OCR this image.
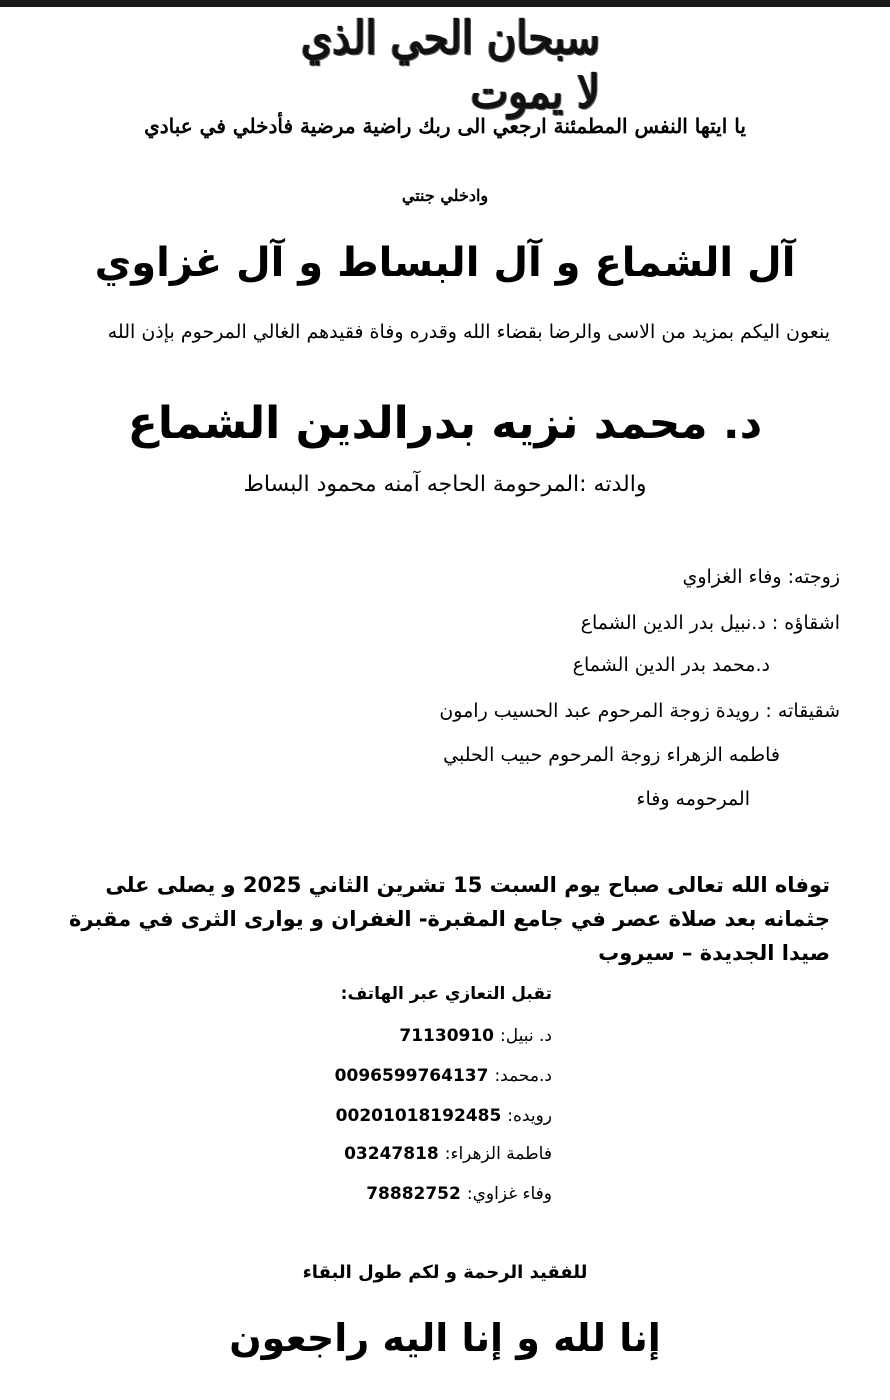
سبحان الحي الذي لا يموت
يا ايتها النفس المطمئنة ارجعي الى ربك راضية مرضية فأدخلي في عبادي
وادخلي جنتي
آل الشماع و آل البساط و آل غزاوي
ينعون اليكم بمزيد من الاسى والرضا بقضاء الله وقدره وفاة فقيدهم الغالي المرحوم بإذن الله
د. محمد نزيه بدرالدين الشماع
والدته :المرحومة الحاجه آمنه محمود البساط
زوجته: وفاء الغزاوي
اشقاؤه : د.نبيل بدر الدين الشماع
د.محمد بدر الدين الشماع
شقيقاته : رويدة زوجة المرحوم عبد الحسيب رامون
فاطمه الزهراء زوجة المرحوم حبيب الحلبي
المرحومه وفاء
توفاه الله تعالى صباح يوم السبت 15 تشرين الثاني 2025 و يصلى على جثمانه بعد صلاة عصر في جامع المقبرة- الغفران و يوارى الثرى في مقبرة صيدا الجديدة – سيروب
تقبل التعازي عبر الهاتف:
د. نبيل:
71130910
د.محمد:
0096599764137
رويده:
00201018192485
فاطمة الزهراء:
03247818
وفاء غزاوي:
78882752
للفقيد الرحمة و لكم طول البقاء
إنا لله و إنا اليه راجعون
